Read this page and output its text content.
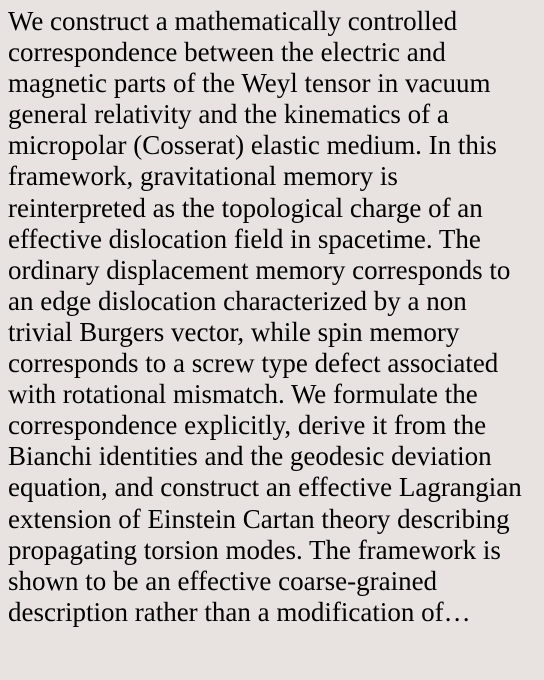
We construct a mathematically controlled
correspondence between the electric and
magnetic parts of the Weyl tensor in vacuum
general relativity and the kinematics of a
micropolar (Cosserat) elastic medium. In this
framework, gravitational memory is
reinterpreted as the topological charge of an
effective dislocation field in spacetime. The
ordinary displacement memory corresponds to
an edge dislocation characterized by a non
trivial Burgers vector, while spin memory
corresponds to a screw type defect associated
with rotational mismatch. We formulate the
correspondence explicitly, derive it from the
Bianchi identities and the geodesic deviation
equation, and construct an effective Lagrangian
extension of Einstein Cartan theory describing
propagating torsion modes. The framework is
shown to be an effective coarse-grained
description rather than a modification of…
